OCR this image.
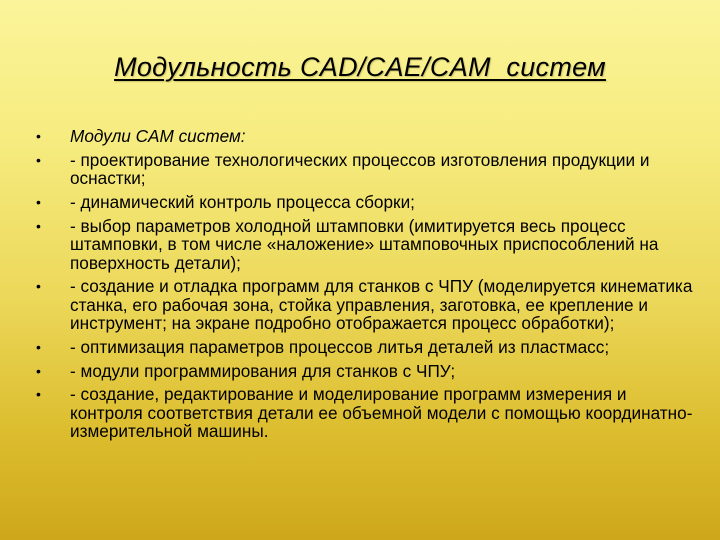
Модульность CAD/CAE/CAM  систем
• Модули CAM систем:
• - проектирование технологических процессов изготовления продукции и оснастки;
• - динамический контроль процесса сборки;
• - выбор параметров холодной штамповки (имитируется весь процесс штамповки, в том числе «наложение» штамповочных приспособлений на поверхность детали);
• - создание и отладка программ для станков с ЧПУ (моделируется кинематика станка, его рабочая зона, стойка управления, заготовка, ее крепление и инструмент; на экране подробно отображается процесс обработки);
• - оптимизация параметров процессов литья деталей из пластмасс;
• - модули программирования для станков с ЧПУ;
• - создание, редактирование и моделирование программ измерения и контроля соответствия детали ее объемной модели с помощью координатно-измерительной машины.
